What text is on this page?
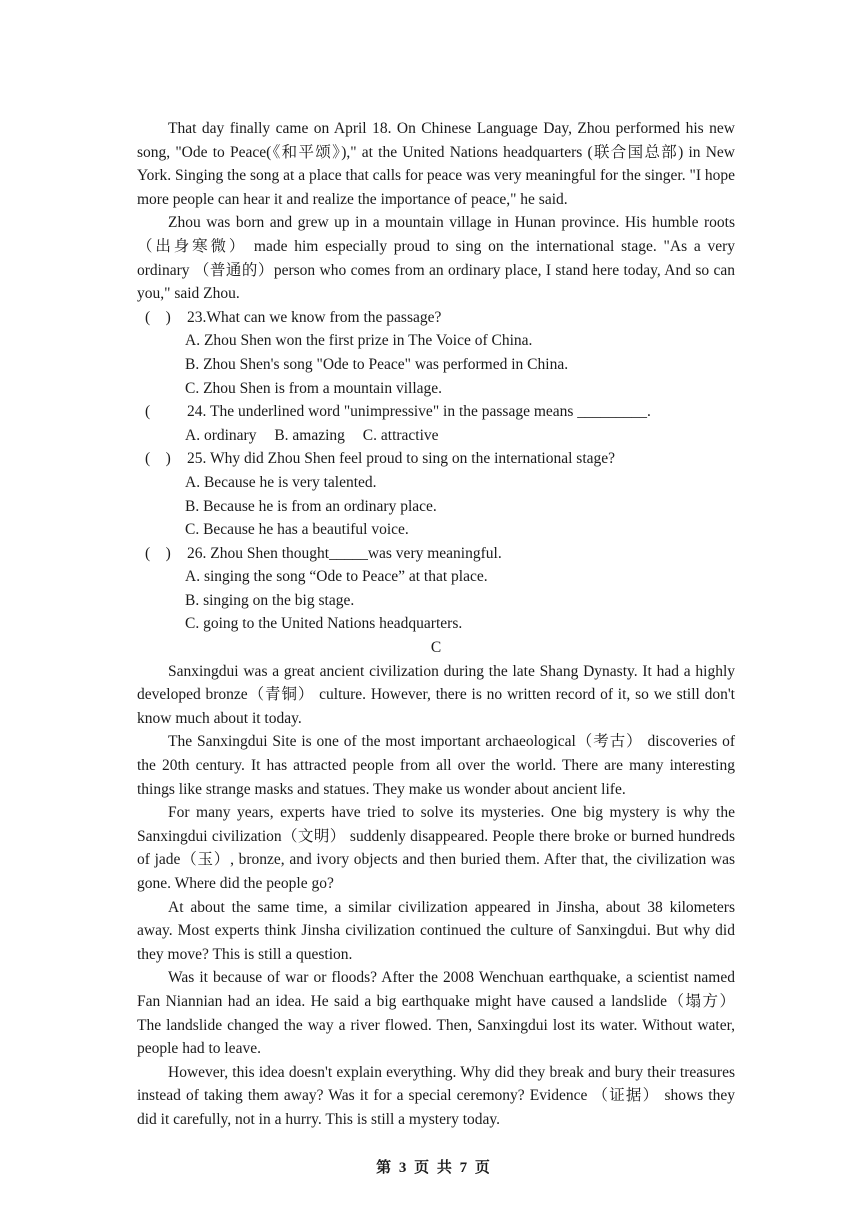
That day finally came on April 18. On Chinese Language Day, Zhou performed his new song, "Ode to Peace(《和平颂》)," at the United Nations headquarters (联合国总部) in New York. Singing the song at a place that calls for peace was very meaningful for the singer. "I hope more people can hear it and realize the importance of peace," he said.

Zhou was born and grew up in a mountain village in Hunan province. His humble roots（出身寒微） made him especially proud to sing on the international stage. "As a very ordinary （普通的）person who comes from an ordinary place, I stand here today, And so can you," said Zhou.

(　) 23.What can we know from the passage?

A. Zhou Shen won the first prize in The Voice of China.

B. Zhou Shen's song "Ode to Peace" was performed in China.

C. Zhou Shen is from a mountain village.

( 24. The underlined word "unimpressive" in the passage means _________.

A. ordinary B. amazing C. attractive

(　) 25. Why did Zhou Shen feel proud to sing on the international stage?

A. Because he is very talented.

B. Because he is from an ordinary place.

C. Because he has a beautiful voice.

(　) 26. Zhou Shen thought_____was very meaningful.

A. singing the song “Ode to Peace” at that place.

B. singing on the big stage.

C. going to the United Nations headquarters.

C

Sanxingdui was a great ancient civilization during the late Shang Dynasty. It had a highly developed bronze（青铜） culture. However, there is no written record of it, so we still don't know much about it today.

The Sanxingdui Site is one of the most important archaeological（考古） discoveries of the 20th century. It has attracted people from all over the world. There are many interesting things like strange masks and statues. They make us wonder about ancient life.

For many years, experts have tried to solve its mysteries. One big mystery is why the Sanxingdui civilization（文明） suddenly disappeared. People there broke or burned hundreds of jade（玉）, bronze, and ivory objects and then buried them. After that, the civilization was gone. Where did the people go?

At about the same time, a similar civilization appeared in Jinsha, about 38 kilometers away. Most experts think Jinsha civilization continued the culture of Sanxingdui. But why did they move? This is still a question.

Was it because of war or floods? After the 2008 Wenchuan earthquake, a scientist named Fan Niannian had an idea. He said a big earthquake might have caused a landslide（塌方） The landslide changed the way a river flowed. Then, Sanxingdui lost its water. Without water, people had to leave.

However, this idea doesn't explain everything. Why did they break and bury their treasures instead of taking them away? Was it for a special ceremony? Evidence （证据） shows they did it carefully, not in a hurry. This is still a mystery today.

第 3 页 共 7 页
